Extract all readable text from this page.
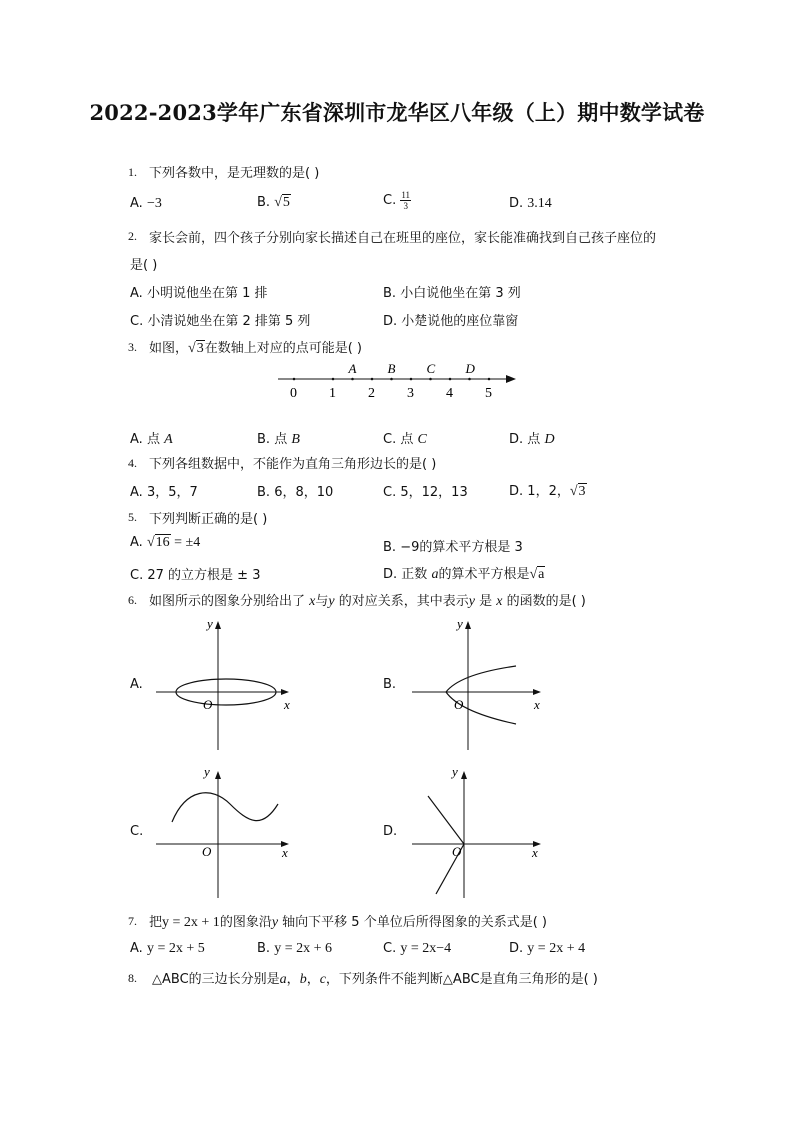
2022-2023学年广东省深圳市龙华区八年级（上）期中数学试卷
1. 下列各数中，是无理数的是( )
A. −3	B. √5	C. $\frac{11}{3}$	D. 3.14
2. 家长会前，四个孩子分别向家长描述自己在班里的座位，家长能准确找到自己孩子座位的
是( )
A. 小明说他坐在第 1 排	B. 小白说他坐在第 3 列
C. 小清说她坐在第 2 排第 5 列	D. 小楚说他的座位靠窗
3. 如图，√3在数轴上对应的点可能是( )
0 1 2 3 4 5
A B C D
A. 点 A	B. 点 B	C. 点 C	D. 点 D
4. 下列各组数据中，不能作为直角三角形边长的是( )
A. 3，5，7	B. 6，8，10	C. 5，12，13	D. 1，2，√3
5. 下列判断正确的是( )
A. √16 = ±4	B. −9的算术平方根是 3
C. 27 的立方根是 ± 3	D. 正数 a的算术平方根是√a
6. 如图所示的图象分别给出了 x与y 的对应关系，其中表示y 是 x 的函数的是( )
A.	B.
C.	D.
y
x
O
y
x
O
y
x
O
y
x
O
7. 把y = 2x + 1的图象沿y 轴向下平移 5 个单位后所得图象的关系式是( )
A. y = 2x + 5	B. y = 2x + 6	C. y = 2x−4	D. y = 2x + 4
8. △ABC的三边长分别是a，b，c，下列条件不能判断△ABC是直角三角形的是( )
